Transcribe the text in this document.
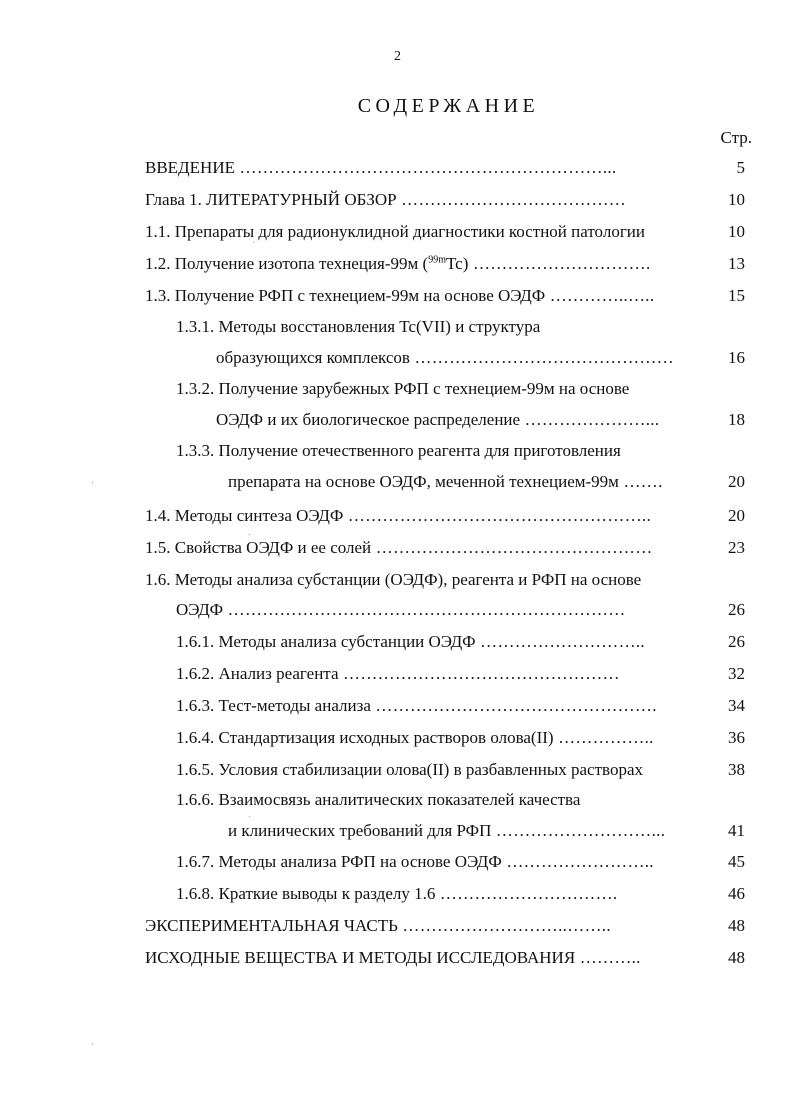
2
СОДЕРЖАНИЕ
Стр.
ВВЕДЕНИЕ ………………………………………………………...	5
Глава 1. ЛИТЕРАТУРНЫЙ ОБЗОР …………………………………	10
1.1. Препараты для радионуклидной диагностики костной патологии	10
1.2. Получение изотопа технеция-99м ($^{99m}$Tc) ………………………….	13
1.3. Получение РФП с технецием-99м на основе ОЭДФ …………..…..	15
1.3.1. Методы восстановления Tc(VII) и структура
образующихся комплексов ………………………………………	16
1.3.2. Получение зарубежных РФП с технецием-99м на основе
ОЭДФ и их биологическое распределение …………………...	18
1.3.3. Получение отечественного реагента для приготовления
препарата на основе ОЭДФ, меченной технецием-99м …….	20
1.4. Методы синтеза ОЭДФ ……………………………………………..	20
1.5. Свойства ОЭДФ и ее солей …………………………………………	23
1.6. Методы анализа субстанции (ОЭДФ), реагента и РФП на основе
ОЭДФ ……………………………………………………………	26
1.6.1. Методы анализа субстанции ОЭДФ ………………………..	26
1.6.2. Анализ реагента …………………………………………	32
1.6.3. Тест-методы анализа ………………………………………….	34
1.6.4. Стандартизация исходных растворов олова(II) ……………..	36
1.6.5. Условия стабилизации олова(II) в разбавленных растворах	38
1.6.6. Взаимосвязь аналитических показателей качества
и клинических требований для РФП ………………………...	41
1.6.7. Методы анализа РФП на основе ОЭДФ ……………………..	45
1.6.8. Краткие выводы к разделу 1.6 ………………………….	46
ЭКСПЕРИМЕНТАЛЬНАЯ ЧАСТЬ ………………………..……..	48
ИСХОДНЫЕ ВЕЩЕСТВА И МЕТОДЫ ИССЛЕДОВАНИЯ ………..	48
·
·
·
·
·
